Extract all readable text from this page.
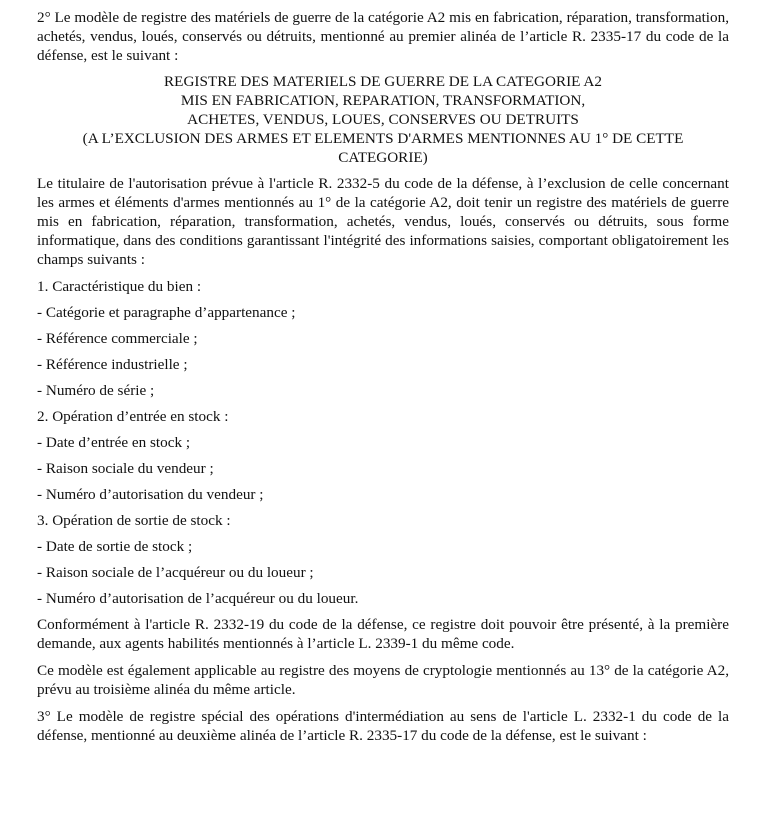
2° Le modèle de registre des matériels de guerre de la catégorie A2 mis en fabrication, réparation, transformation, achetés, vendus, loués, conservés ou détruits, mentionné au premier alinéa de l’article R. 2335-17 du code de la défense, est le suivant :

REGISTRE DES MATERIELS DE GUERRE DE LA CATEGORIE A2

MIS EN FABRICATION, REPARATION, TRANSFORMATION,

ACHETES, VENDUS, LOUES, CONSERVES OU DETRUITS

(A L’EXCLUSION DES ARMES ET ELEMENTS D'ARMES MENTIONNES AU 1° DE CETTE

CATEGORIE)

Le titulaire de l'autorisation prévue à l'article R. 2332-5 du code de la défense, à l’exclusion de celle concernant les armes et éléments d'armes mentionnés au 1° de la catégorie A2, doit tenir un registre des matériels de guerre mis en fabrication, réparation, transformation, achetés, vendus, loués, conservés ou détruits, sous forme informatique, dans des conditions garantissant l'intégrité des informations saisies, comportant obligatoirement les champs suivants :

1. Caractéristique du bien :

- Catégorie et paragraphe d’appartenance ;

- Référence commerciale ;

- Référence industrielle ;

- Numéro de série ;

2. Opération d’entrée en stock :

- Date d’entrée en stock ;

- Raison sociale du vendeur ;

- Numéro d’autorisation du vendeur ;

3. Opération de sortie de stock :

- Date de sortie de stock ;

- Raison sociale de l’acquéreur ou du loueur ;

- Numéro d’autorisation de l’acquéreur ou du loueur.

Conformément à l'article R. 2332-19 du code de la défense, ce registre doit pouvoir être présenté, à la première demande, aux agents habilités mentionnés à l’article L. 2339-1 du même code.

Ce modèle est également applicable au registre des moyens de cryptologie mentionnés au 13° de la catégorie A2, prévu au troisième alinéa du même article.

3° Le modèle de registre spécial des opérations d'intermédiation au sens de l'article L. 2332-1 du code de la défense, mentionné au deuxième alinéa de l’article R. 2335-17 du code de la défense, est le suivant :
